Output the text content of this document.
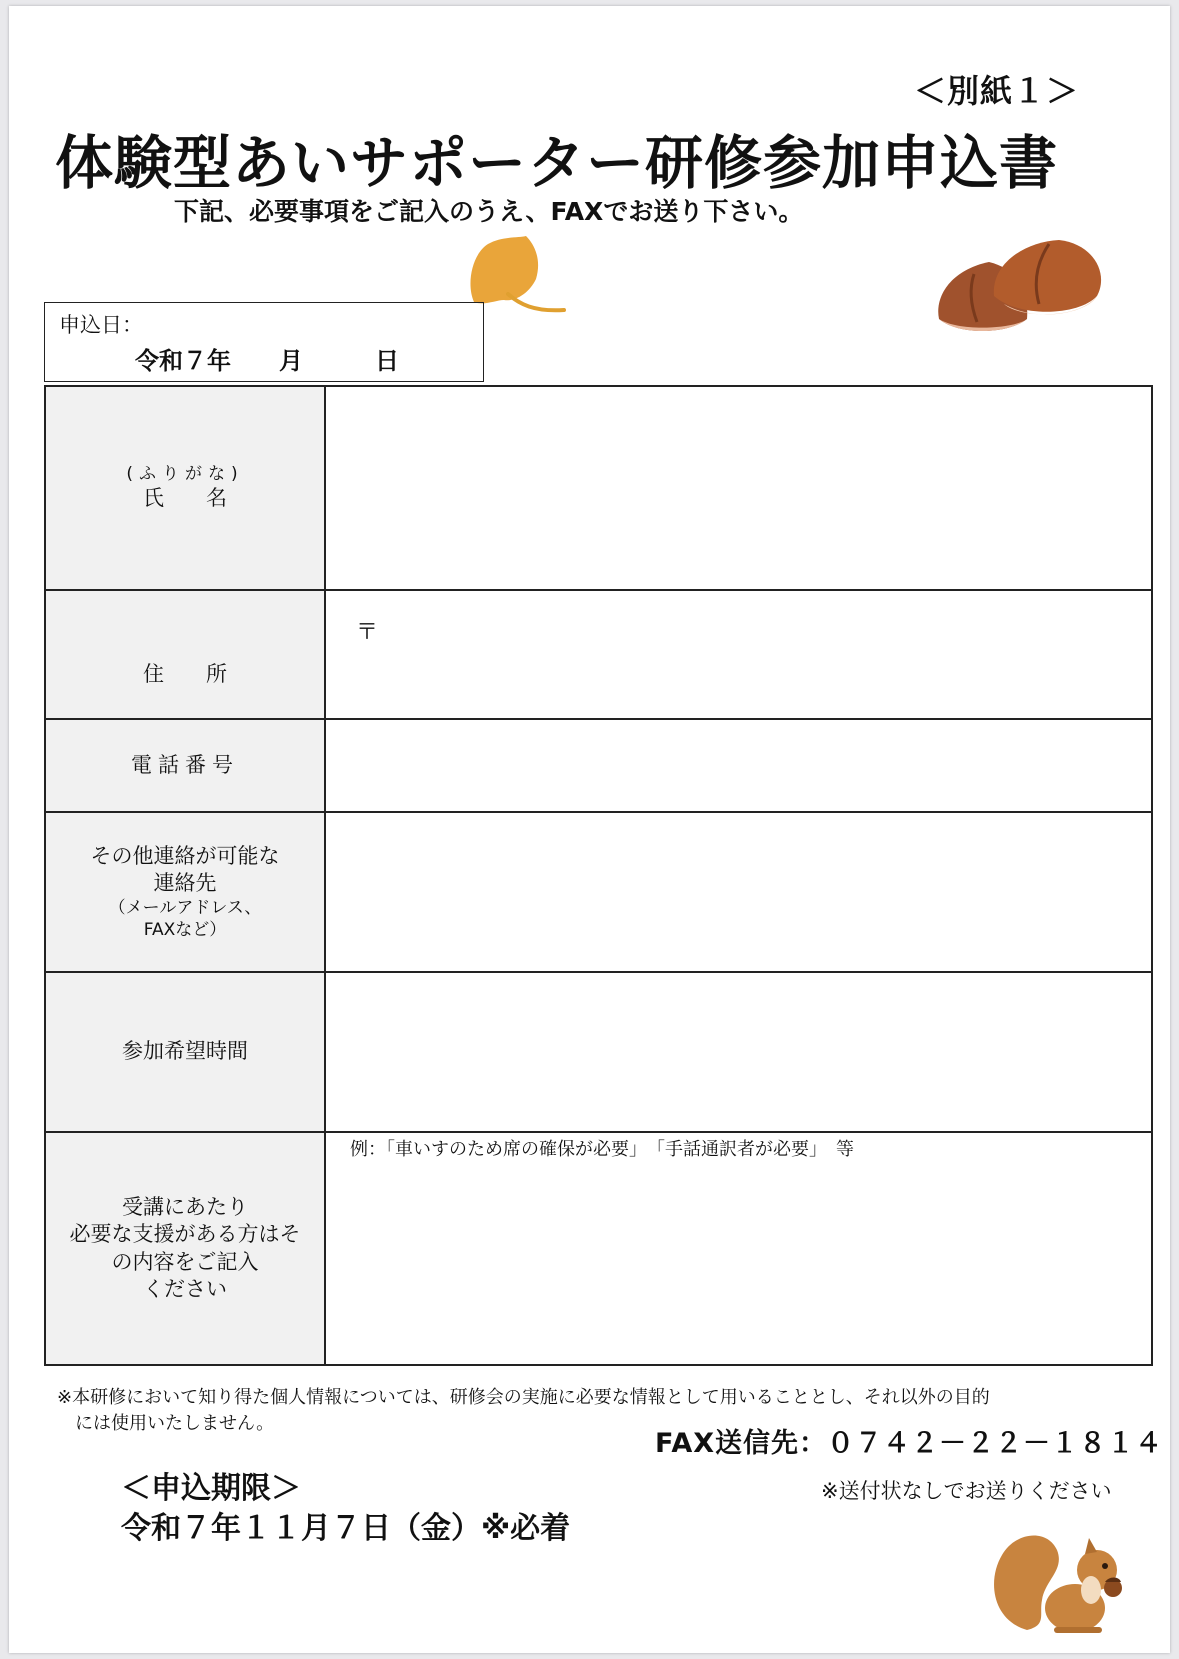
＜別紙１＞
体験型あいサポーター研修参加申込書
下記、必要事項をご記入のうえ、FAXでお送り下さい。
申込日：
令和７年　　月　　　日
(ふりがな)
氏　　名	

住　　所	〒

電話番号	

その他連絡が可能な
連絡先
（メールアドレス、
FAXなど）	

参加希望時間	

受講にあたり
必要な支援がある方はそ
の内容をご記入
ください	例：「車いすのため席の確保が必要」　「手話通訳者が必要」　等
※本研修において知り得た個人情報については、研修会の実施に必要な情報として用いることとし、それ以外の目的
　には使用いたしません。
FAX送信先：０７４２－２２－１８１４
＜申込期限＞
令和７年１１月７日（金）※必着
※送付状なしでお送りください
